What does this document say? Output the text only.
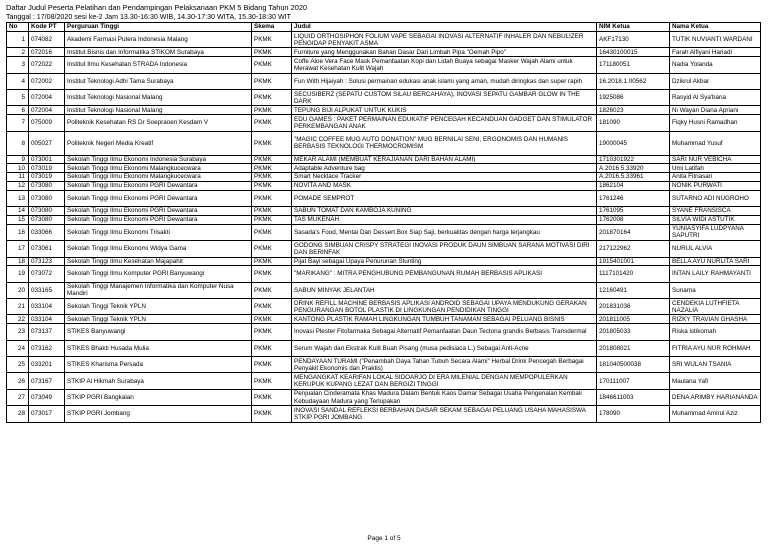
Daftar Judul Peserta Pelatihan dan Pendampingan Pelaksanaan PKM 5 Bidang Tahun 2020
Tanggal : 17/08/2020 sesi ke-2 Jam 13.30-16:30 WIB, 14.30-17:30 WITA, 15.30-18:30 WIT
No	Kode PT	Perguruan Tinggi	Skema	Judul	NIM Ketua	Nama Ketua
1	074082	Akademi Farmasi Putera Indonesia Malang	PKMK	LIQUID ORTHOSIPHON FOLIUM VAPE SEBAGAI INOVASI ALTERNATIF INHALER DAN NEBULIZER PENGIDAP PENYAKIT ASMA	AKF17130	TUTIK NUVIANTI WARDANI
2	072016	Institut Bisnis dan Informatika STIKOM Surabaya	PKMK	Furniture yang Menggunakan Bahan Dasar Dari Limbah Pipa "Oemah Pipo"	16430100015	Farah Alfiyani Hariadi
3	072022	Institut Ilmu Kesehatan STRADA Indonesia	PKMK	Coffe Aloe Vera Face Mask Pemanfaatan Kopi dan Lidah Buaya sebagai Masker Wajah Alami untuk Merawat Kesehatan Kulit Wajah	171180051	Nadia Yolanda
4	072002	Institut Teknologi Adhi Tama Surabaya	PKMK	Fun With Hijaiyah : Solusi permainan edukasi anak islami yang aman, mudah diringkas dan super rapih	16.2018.1.00562	Dzikrul Akbar
5	072004	Institut Teknologi Nasional Malang	PKMK	SECUSIBERZ (SEPATU CUSTOM SILAU BERCAHAYA), INOVASI SEPATU GAMBAR GLOW IN THE DARK	1925086	Rasyid Al Sya'bana
6	072004	Institut Teknologi Nasional Malang	PKMK	TEPUNG BIJI ALPUKAT UNTUK KUKIS	1826023	Ni Wayan Diana Apriani
7	075009	Politeknik Kesehatan RS Dr Soepraoen Kesdam V	PKMK	EDU GAMES : PAKET PERMAINAN EDUKATIF PENCEGAH KECANDUAN GADGET DAN STIMULATOR PERKEMBANGAN ANAK	181090	Fiqky Husni Ramadhan
8	005027	Politeknik Negeri Media Kreatif	PKMK	"MAGIC COFFEE MUG AUTO DONATION" MUG BERNILAI SENI, ERGONOMIS DAN HUMANIS BERBASIS TEKNOLOGI THERMOCROMISM	19000045	Muhammad Yusuf
9	073001	Sekolah Tinggi Ilmu Ekonomi Indonesia Surabaya	PKMK	MEKAR ALAMI (MEMBUAT KERAJIANAN DARI BAHAN ALAMI)	1710301922	SARI NUR VEBICHA
10	073019	Sekolah Tinggi Ilmu Ekonomi Malangkucecwara	PKMK	Adaptable Adventure bag	A.2016.5.33920	Umi Latifah
11	073019	Sekolah Tinggi Ilmu Ekonomi Malangkucecwara	PKMK	Smart Necklace Tracker	A.2016.5.33961	Anita Fitriasari
12	073080	Sekolah Tinggi Ilmu Ekonomi PGRI Dewantara	PKMK	NOVITA AND MASK	1862104	NONIK PURWATI
13	073080	Sekolah Tinggi Ilmu Ekonomi PGRI Dewantara	PKMK	POMADE SEMPROT	1761246	SUTARNO ADI NUGROHO
14	073080	Sekolah Tinggi Ilmu Ekonomi PGRI Dewantara	PKMK	SABUN TOMAT DAN KAMBOJA KUNING	1761095	SYANE FRANSISCA
15	073080	Sekolah Tinggi Ilmu Ekonomi PGRI Dewantara	PKMK	TAS MUKENAH	1762008	SILVIA WIDI ASTUTIK
16	033066	Sekolah Tinggi Ilmu Ekonomi Trisakti	PKMK	Sasada's Food, Mentai Dan Dessert Box Siap Saji, berkualitas dengan harga terjangkau	201870164	YUNIASYIFA LUDPYANA SAPUTRI
17	073061	Sekolah Tinggi Ilmu Ekonomi Widya Gama	PKMK	GODONG SIMBUAN CRISPY STRATEGI INOVASI PRODUK DAUN SIMBUAN SARANA MOTIVASI DIRI DAN BERINFAK	217122962	NURUL ALVIA
18	073123	Sekolah Tinggi Ilmu Kesehatan Majapahit	PKMK	Pijat Bayi sebagai Upaya Penurunan Stunting	1915401001	BELLA AYU NURLITA SARI
19	073072	Sekolah Tinggi Ilmu Komputer PGRI Banyuwangi	PKMK	"MARIKANG" : MITRA PENGHUBUNG PEMBANGUNAN RUMAH BERBASIS APLIKASI	1117101420	INTAN LAILY RAHMAYANTI
20	033165	Sekolah Tinggi Manajemen Informatika dan Komputer Nusa Mandiri	PKMK	SABUN MINYAK JELANTAH	12160491	Sunarna
21	033104	Sekolah Tinggi Teknik YPLN	PKMK	DRINK REFILL MACHINE BERBASIS APLIKASI ANDROID SEBAGAI UPAYA MENDUKUNG GERAKAN PENGURANGAN BOTOL PLASTIK DI LINGKUNGAN PENDIDIKAN TINGGI	201831036	CENDEKIA LUTHFIETA NAZALIA
22	033104	Sekolah Tinggi Teknik YPLN	PKMK	KANTONG PLASTIK RAMAH LINGKUNGAN TUMBUH TANAMAN SEBAGAI PELUANG BISNIS	201811005	RIZKY TRAVIAN GHASHA
23	073137	STIKES Banyuwangi	PKMK	Inovasi Plester Fitofarmaka Sebagai Alternatif Pemanfaatan Daun Tectona grandis Berbasis Transdermal	201805033	Riska istikomah
24	073162	STIKES Bhakti Husada Mulia	PKMK	Serum Wajah dari Ekstrak Kulit Buah Pisang (musa pedisiaca L.) Sebagai Anti-Acne	201808021	FITRIA AYU NUR ROHMAH
25	033201	STIKES Kharisma Persada	PKMK	PENDAYAAN TURAMI ("Penambah Daya Tahan Tubuh Secara Alami" Herbal Drink Pencegah Berbagai Penyakit Ekonomis dan Praktis)	181040500038	SRI WULAN TSANIA
26	073167	STKIP Al Hikmah Surabaya	PKMK	MENGANGKAT KEARIFAN LOKAL SIDOARJO DI ERA MILENIAL DENGAN MEMPOPULERKAN KERUPUK KUPANG LEZAT DAN BERGIZI TINGGI	170111007	Maulana Yafi
27	073049	STKIP PGRI Bangkalan	PKMK	Penjualan Cinderamata Khas Madura Dalam Bentuk Kaos Damar Sebagai Usaha Pengenalan Kembali Kebudayaan Madura yang Terlupakan	1846611003	DENA ARIMBY HARIANANDA
28	073017	STKIP PGRI Jombang	PKMK	INOVASI SANDAL REFLEKSI BERBAHAN DASAR SEKAM SEBAGAI PELUANG USAHA MAHASISWA STKIP PGRI JOMBANG	178090	Muhammad Amirul Aziz
Page 1 of 5
